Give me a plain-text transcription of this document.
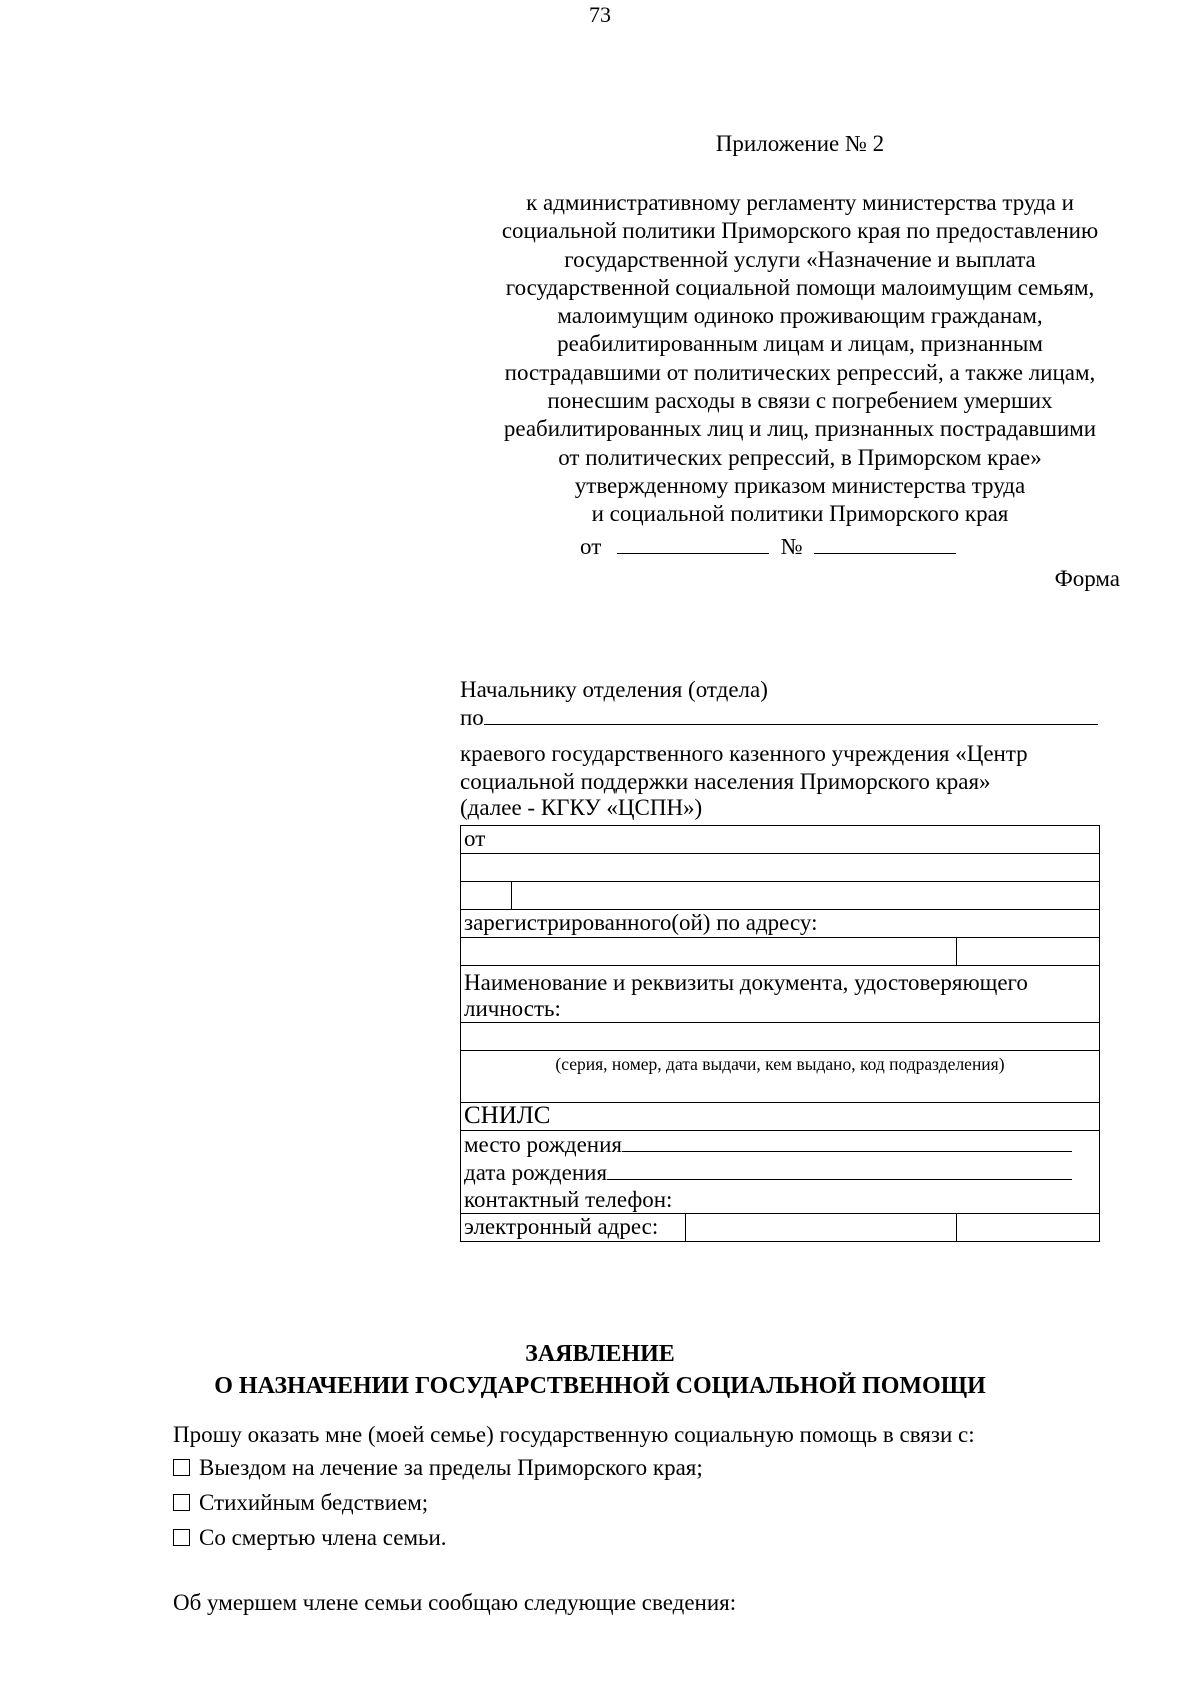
73
Приложение № 2
к административному регламенту министерства труда и
социальной политики Приморского края по предоставлению
государственной услуги «Назначение и выплата
государственной социальной помощи малоимущим семьям,
малоимущим одиноко проживающим гражданам,
реабилитированным лицам и лицам, признанным
пострадавшими от политических репрессий, а также лицам,
понесшим расходы в связи с погребением умерших
реабилитированных лиц и лиц, признанных пострадавшими
от политических репрессий, в Приморском крае»
утвержденному приказом министерства труда
и социальной политики Приморского края
от	№
Форма
Начальнику отделения (отдела)
по
краевого государственного казенного учреждения «Центр
социальной поддержки населения Приморского края»
(далее - КГКУ «ЦСПН»)
от			

зарегистрированного(ой) по адресу:			

Наименование и реквизиты документа, удостоверяющего личность:			

(серия, номер, дата выдачи, кем выдано, код подразделения)			
СНИЛС			
место рождения			
дата рождения			
контактный телефон:			
электронный адрес:			
ЗАЯВЛЕНИЕ
О НАЗНАЧЕНИИ ГОСУДАРСТВЕННОЙ СОЦИАЛЬНОЙ ПОМОЩИ
Прошу оказать мне (моей семье) государственную социальную помощь в связи с:
Выездом на лечение за пределы Приморского края;
Стихийным бедствием;
Со смертью члена семьи.
Об умершем члене семьи сообщаю следующие сведения:
